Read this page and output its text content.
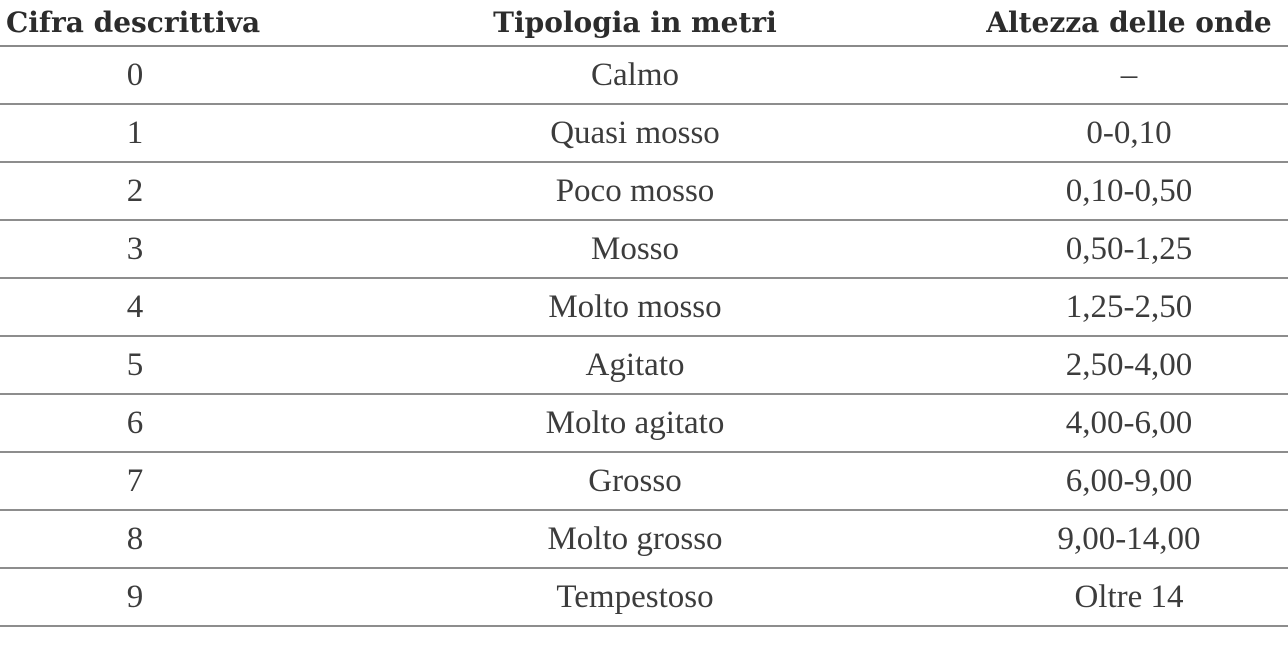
Cifra descrittiva	Tipologia in metri	Altezza delle onde
0	Calmo	–
1	Quasi mosso	0-0,10
2	Poco mosso	0,10-0,50
3	Mosso	0,50-1,25
4	Molto mosso	1,25-2,50
5	Agitato	2,50-4,00
6	Molto agitato	4,00-6,00
7	Grosso	6,00-9,00
8	Molto grosso	9,00-14,00
9	Tempestoso	Oltre 14
